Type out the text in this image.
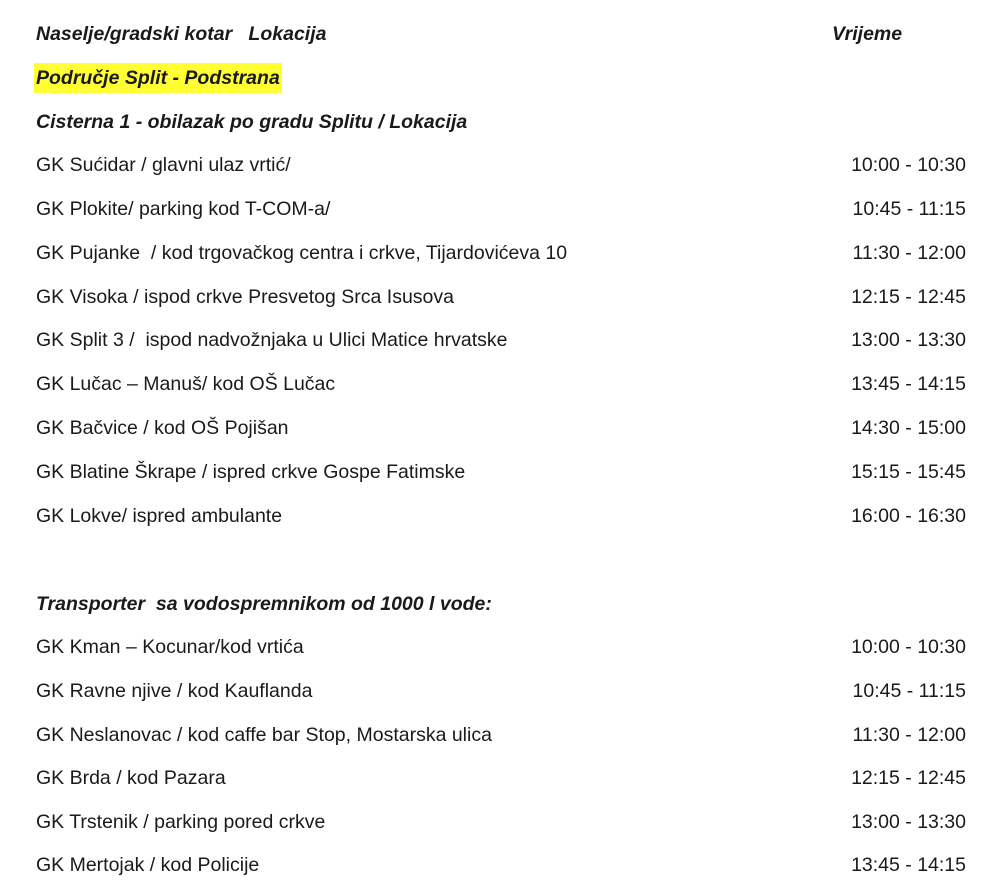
Naselje/gradski kotar   Lokacija	Vrijeme
Područje Split - Podstrana
Cisterna 1 - obilazak po gradu Splitu / Lokacija
GK Sućidar / glavni ulaz vrtić/	10:00 - 10:30
GK Plokite/ parking kod T-COM-a/	10:45 - 11:15
GK Pujanke  / kod trgovačkog centra i crkve, Tijardovićeva 10	11:30 - 12:00
GK Visoka / ispod crkve Presvetog Srca Isusova	12:15 - 12:45
GK Split 3 /  ispod nadvožnjaka u Ulici Matice hrvatske	13:00 - 13:30
GK Lučac – Manuš/ kod OŠ Lučac	13:45 - 14:15
GK Bačvice / kod OŠ Pojišan	14:30 - 15:00
GK Blatine Škrape / ispred crkve Gospe Fatimske	15:15 - 15:45
GK Lokve/ ispred ambulante	16:00 - 16:30
Transporter  sa vodospremnikom od 1000 l vode:
GK Kman – Kocunar/kod vrtića	10:00 - 10:30
GK Ravne njive / kod Kauflanda	10:45 - 11:15
GK Neslanovac / kod caffe bar Stop, Mostarska ulica	11:30 - 12:00
GK Brda / kod Pazara	12:15 - 12:45
GK Trstenik / parking pored crkve	13:00 - 13:30
GK Mertojak / kod Policije	13:45 - 14:15
